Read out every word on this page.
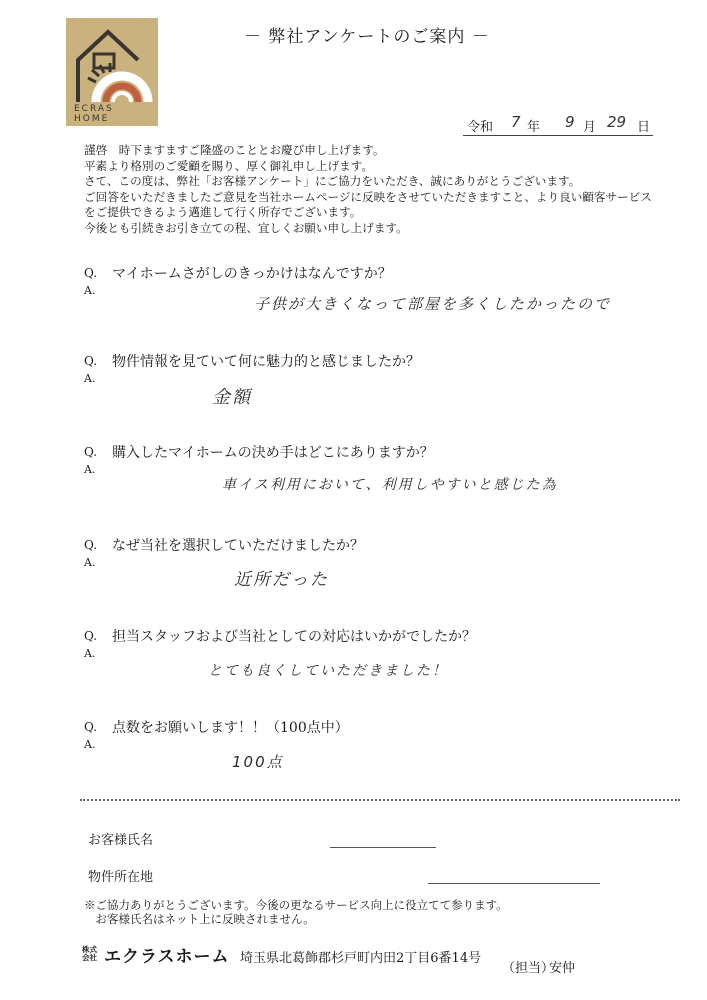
ECRAS
HOME
－ 弊社アンケートのご案内 －
令和 7 年 9 月 29 日
謹啓　時下ますますご隆盛のこととお慶び申し上げます。
平素より格別のご愛顧を賜り、厚く御礼申し上げます。
さて、この度は、弊社「お客様アンケート」にご協力をいただき、誠にありがとうございます。
ご回答をいただきましたご意見を当社ホームページに反映をさせていただきますこと、より良い顧客サービス
をご提供できるよう邁進して行く所存でございます。
今後とも引続きお引き立ての程、宜しくお願い申し上げます。
Q.
A.
マイホームさがしのきっかけはなんですか？
子供が大きくなって部屋を多くしたかったので
Q.
A.
物件情報を見ていて何に魅力的と感じましたか？
金額
Q.
A.
購入したマイホームの決め手はどこにありますか？
車イス利用において、利用しやすいと感じた為
Q.
A.
なぜ当社を選択していただけましたか？
近所だった
Q.
A.
担当スタッフおよび当社としての対応はいかがでしたか？
とても良くしていただきました！
Q.
A.
点数をお願いします！！（100点中）
100点
お客様氏名
物件所在地
※ご協力ありがとうございます。今後の更なるサービス向上に役立てて参ります。
　お客様氏名はネット上に反映されません。
株式
会社 エクラスホーム 埼玉県北葛飾郡杉戸町内田2丁目6番14号
（担当）
安仲
